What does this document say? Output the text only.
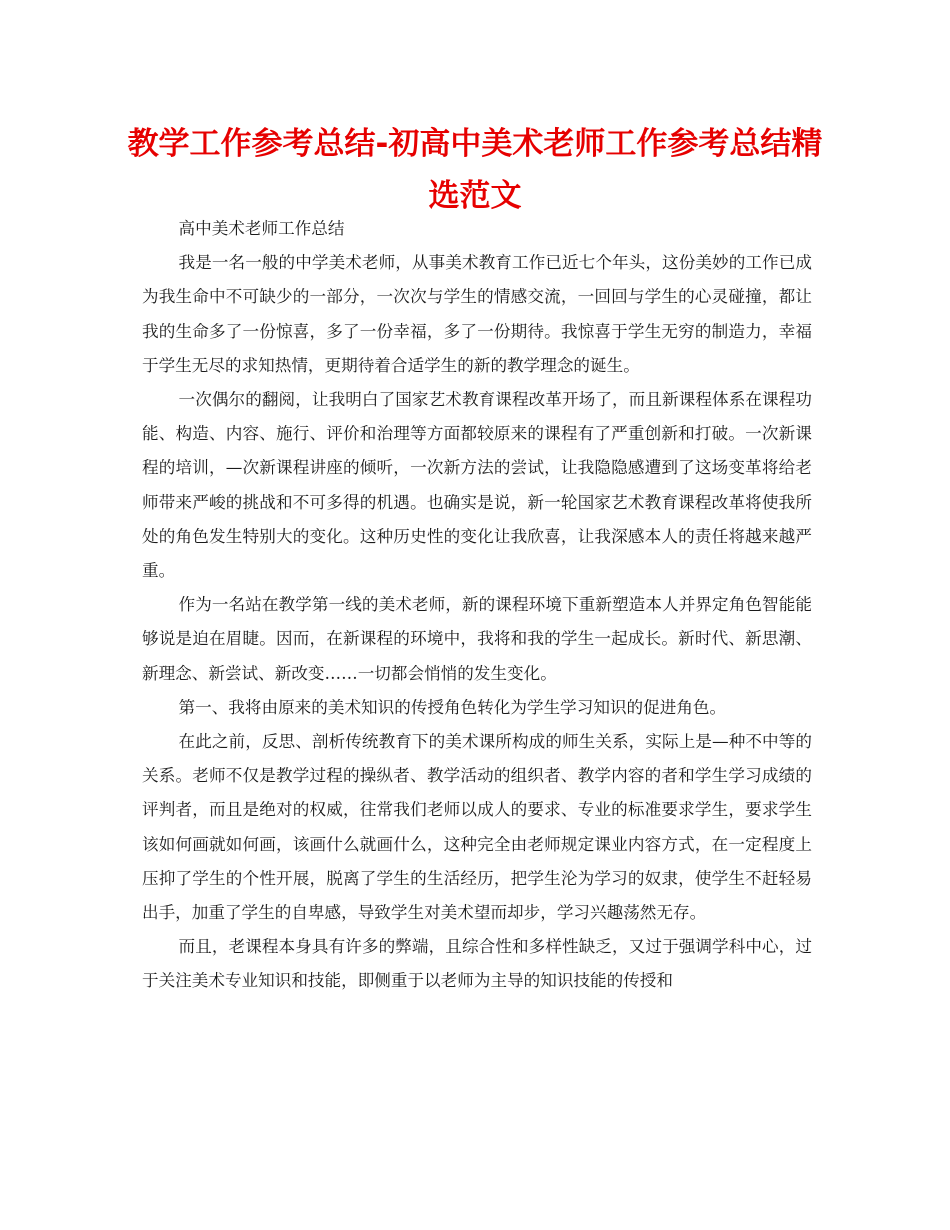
教学工作参考总结-初高中美术老师工作参考总结精选范文

高中美术老师工作总结

我是一名一般的中学美术老师，从事美术教育工作已近七个年头，这份美妙的工作已成为我生命中不可缺少的一部分，一次次与学生的情感交流，一回回与学生的心灵碰撞，都让我的生命多了一份惊喜，多了一份幸福，多了一份期待。我惊喜于学生无穷的制造力，幸福于学生无尽的求知热情，更期待着合适学生的新的教学理念的诞生。

一次偶尔的翻阅，让我明白了国家艺术教育课程改革开场了，而且新课程体系在课程功能、构造、内容、施行、评价和治理等方面都较原来的课程有了严重创新和打破。一次新课程的培训，—次新课程讲座的倾听，一次新方法的尝试，让我隐隐感遭到了这场变革将给老师带来严峻的挑战和不可多得的机遇。也确实是说，新一轮国家艺术教育课程改革将使我所处的角色发生特别大的变化。这种历史性的变化让我欣喜，让我深感本人的责任将越来越严重。

作为一名站在教学第一线的美术老师，新的课程环境下重新塑造本人并界定角色智能能够说是迫在眉睫。因而，在新课程的环境中，我将和我的学生一起成长。新时代、新思潮、新理念、新尝试、新改变……一切都会悄悄的发生变化。

第一、我将由原来的美术知识的传授角色转化为学生学习知识的促进角色。

在此之前，反思、剖析传统教育下的美术课所构成的师生关系，实际上是—种不中等的关系。老师不仅是教学过程的操纵者、教学活动的组织者、教学内容的者和学生学习成绩的评判者，而且是绝对的权威，往常我们老师以成人的要求、专业的标准要求学生，要求学生该如何画就如何画，该画什么就画什么，这种完全由老师规定课业内容方式，在一定程度上压抑了学生的个性开展，脱离了学生的生活经历，把学生沦为学习的奴隶，使学生不赶轻易出手，加重了学生的自卑感，导致学生对美术望而却步，学习兴趣荡然无存。

而且，老课程本身具有许多的弊端，且综合性和多样性缺乏，又过于强调学科中心，过于关注美术专业知识和技能，即侧重于以老师为主导的知识技能的传授和
